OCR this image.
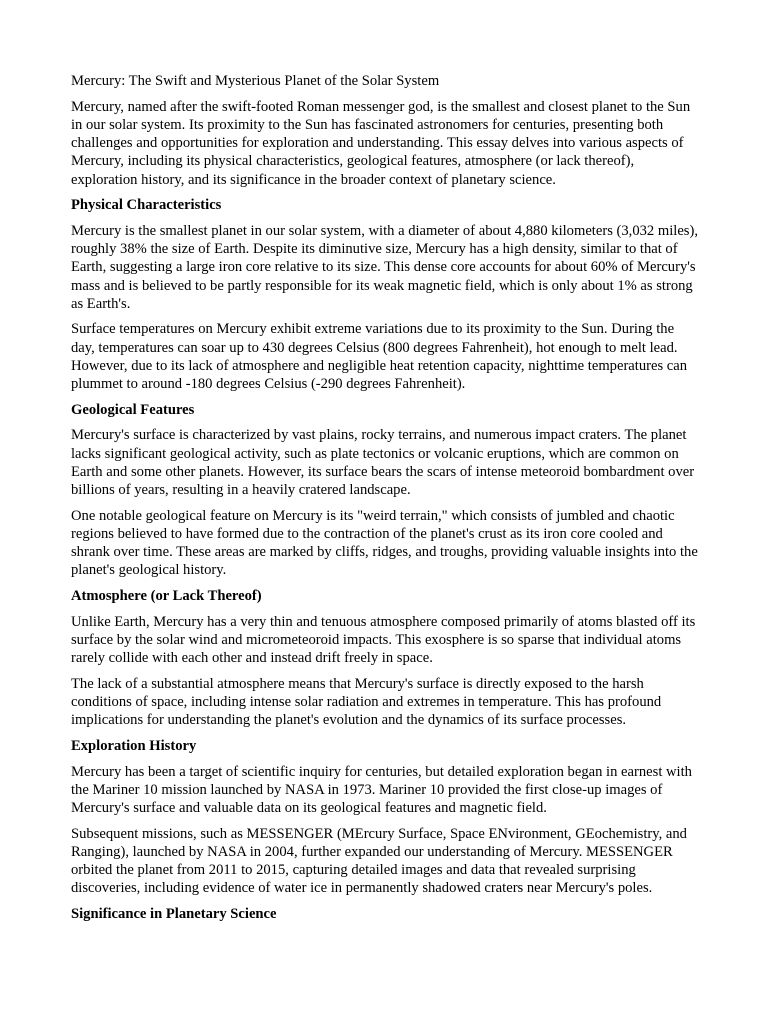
Mercury: The Swift and Mysterious Planet of the Solar System

Mercury, named after the swift-footed Roman messenger god, is the smallest and closest planet to the Sun in our solar system. Its proximity to the Sun has fascinated astronomers for centuries, presenting both challenges and opportunities for exploration and understanding. This essay delves into various aspects of Mercury, including its physical characteristics, geological features, atmosphere (or lack thereof), exploration history, and its significance in the broader context of planetary science.

Physical Characteristics

Mercury is the smallest planet in our solar system, with a diameter of about 4,880 kilometers (3,032 miles), roughly 38% the size of Earth. Despite its diminutive size, Mercury has a high density, similar to that of Earth, suggesting a large iron core relative to its size. This dense core accounts for about 60% of Mercury's mass and is believed to be partly responsible for its weak magnetic field, which is only about 1% as strong as Earth's.

Surface temperatures on Mercury exhibit extreme variations due to its proximity to the Sun. During the day, temperatures can soar up to 430 degrees Celsius (800 degrees Fahrenheit), hot enough to melt lead. However, due to its lack of atmosphere and negligible heat retention capacity, nighttime temperatures can plummet to around -180 degrees Celsius (-290 degrees Fahrenheit).

Geological Features

Mercury's surface is characterized by vast plains, rocky terrains, and numerous impact craters. The planet lacks significant geological activity, such as plate tectonics or volcanic eruptions, which are common on Earth and some other planets. However, its surface bears the scars of intense meteoroid bombardment over billions of years, resulting in a heavily cratered landscape.

One notable geological feature on Mercury is its "weird terrain," which consists of jumbled and chaotic regions believed to have formed due to the contraction of the planet's crust as its iron core cooled and shrank over time. These areas are marked by cliffs, ridges, and troughs, providing valuable insights into the planet's geological history.

Atmosphere (or Lack Thereof)

Unlike Earth, Mercury has a very thin and tenuous atmosphere composed primarily of atoms blasted off its surface by the solar wind and micrometeoroid impacts. This exosphere is so sparse that individual atoms rarely collide with each other and instead drift freely in space.

The lack of a substantial atmosphere means that Mercury's surface is directly exposed to the harsh conditions of space, including intense solar radiation and extremes in temperature. This has profound implications for understanding the planet's evolution and the dynamics of its surface processes.

Exploration History

Mercury has been a target of scientific inquiry for centuries, but detailed exploration began in earnest with the Mariner 10 mission launched by NASA in 1973. Mariner 10 provided the first close-up images of Mercury's surface and valuable data on its geological features and magnetic field.

Subsequent missions, such as MESSENGER (MErcury Surface, Space ENvironment, GEochemistry, and Ranging), launched by NASA in 2004, further expanded our understanding of Mercury. MESSENGER orbited the planet from 2011 to 2015, capturing detailed images and data that revealed surprising discoveries, including evidence of water ice in permanently shadowed craters near Mercury's poles.

Significance in Planetary Science
